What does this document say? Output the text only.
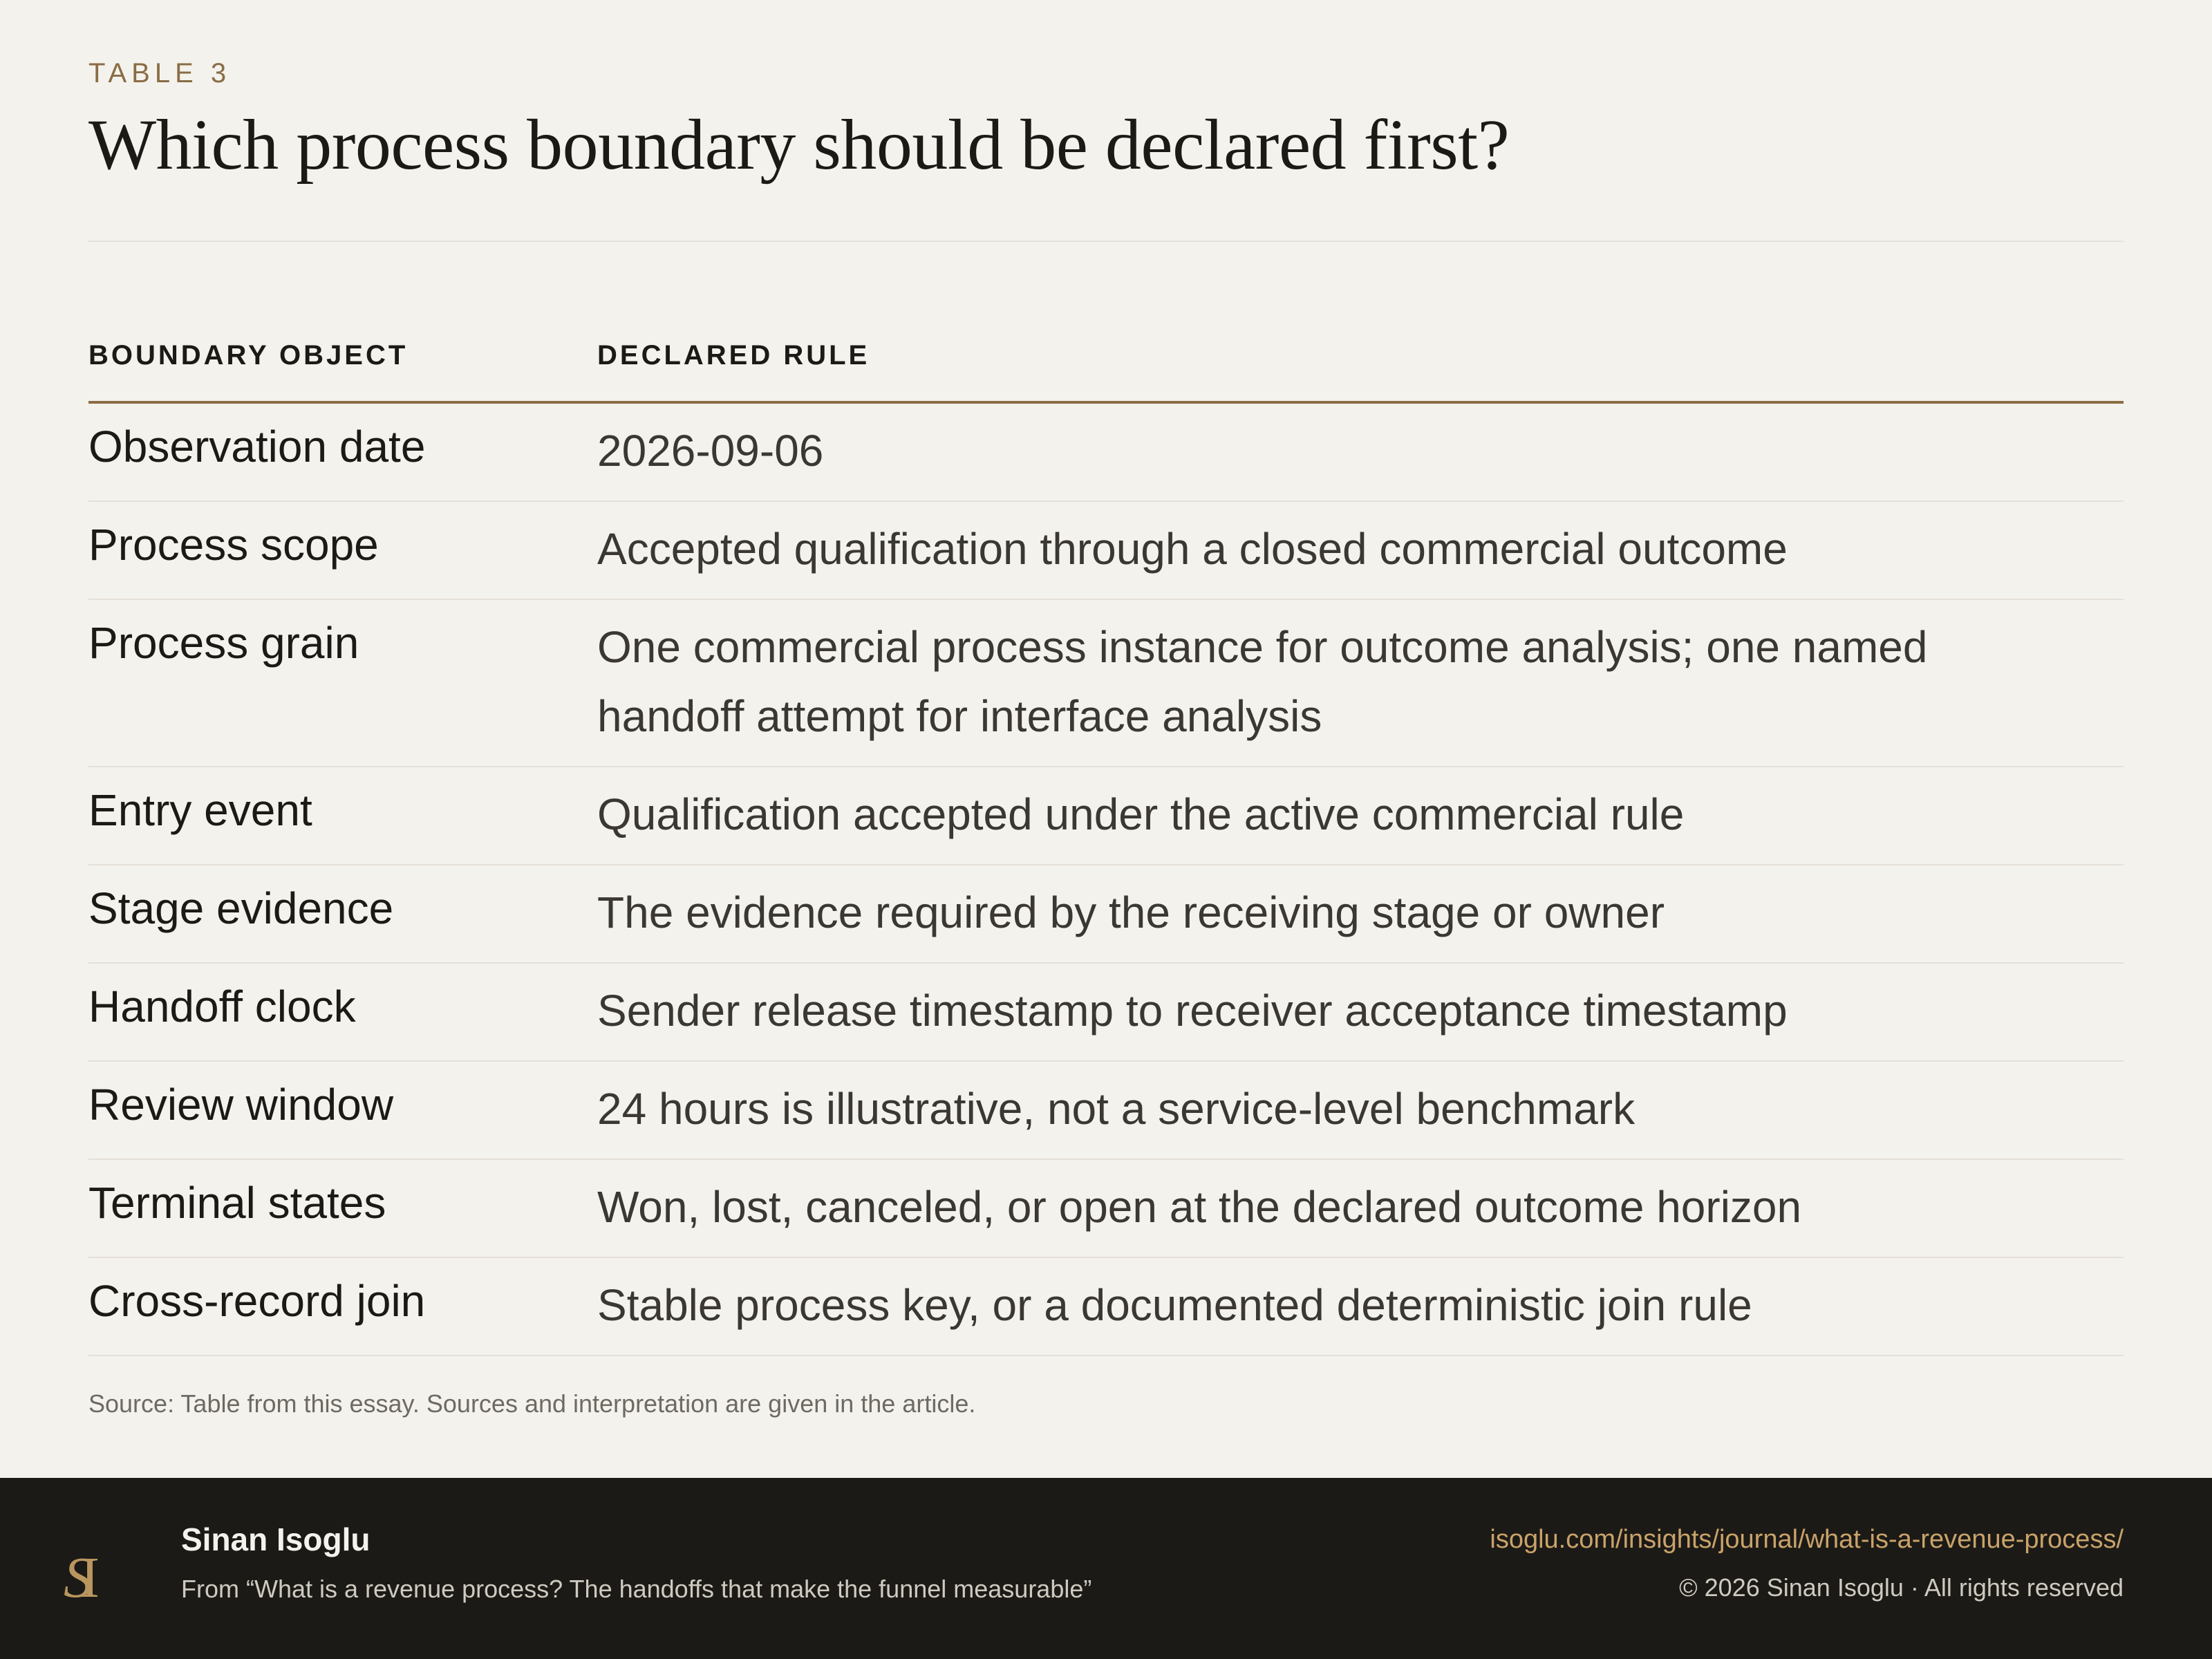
TABLE 3
Which process boundary should be declared first?
BOUNDARY OBJECT	DECLARED RULE
Observation date	2026-09-06
Process scope	Accepted qualification through a closed commercial outcome
Process grain	One commercial process instance for outcome analysis; one named handoff attempt for interface analysis
Entry event	Qualification accepted under the active commercial rule
Stage evidence	The evidence required by the receiving stage or owner
Handoff clock	Sender release timestamp to receiver acceptance timestamp
Review window	24 hours is illustrative, not a service-level benchmark
Terminal states	Won, lost, canceled, or open at the declared outcome horizon
Cross-record join	Stable process key, or a documented deterministic join rule
Source: Table from this essay. Sources and interpretation are given in the article.
SI
Sinan Isoglu
From “What is a revenue process? The handoffs that make the funnel measurable”
isoglu.com/insights/journal/what-is-a-revenue-process/
© 2026 Sinan Isoglu · All rights reserved
